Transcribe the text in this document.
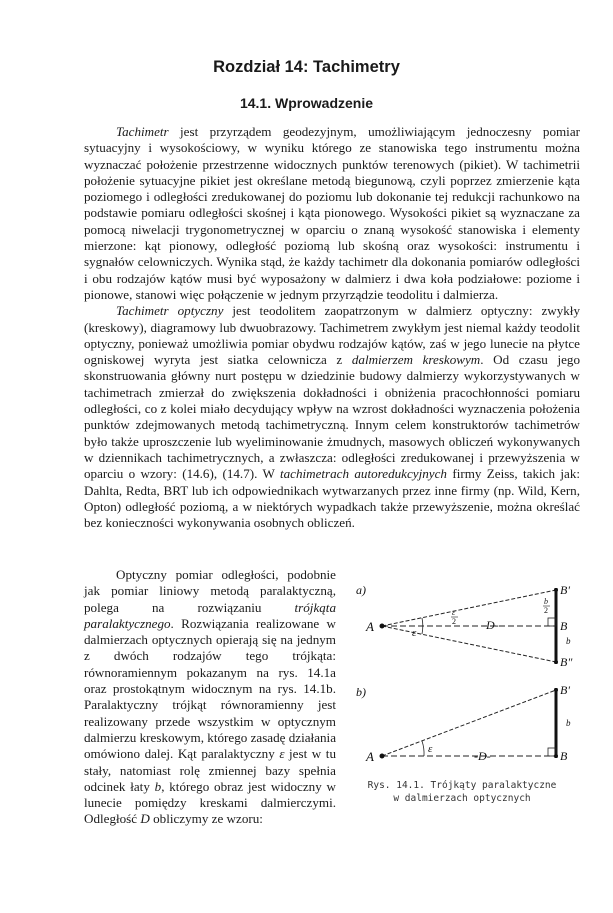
Rozdział 14: Tachimetry
14.1. Wprowadzenie

Tachimetr jest przyrządem geodezyjnym, umożliwiającym jednoczesny pomiar sytuacyjny i wysokościowy, w wyniku którego ze stanowiska tego instrumentu można wyznaczać położenie przestrzenne widocznych punktów terenowych (pikiet). W tachimetrii położenie sytuacyjne pikiet jest określane metodą biegunową, czyli poprzez zmierzenie kąta poziomego i odległości zredukowanej do poziomu lub dokonanie tej redukcji rachunkowo na podstawie pomiaru odległości skośnej i kąta pionowego. Wysokości pikiet są wyznaczane za pomocą niwelacji trygonometrycznej w oparciu o znaną wysokość stanowiska i elementy mierzone: kąt pionowy, odległość poziomą lub skośną oraz wysokości: instrumentu i sygnałów celowniczych. Wynika stąd, że każdy tachimetr dla dokonania pomiarów odległości i obu rodzajów kątów musi być wyposażony w dalmierz i dwa koła podziałowe: poziome i pionowe, stanowi więc połączenie w jednym przyrządzie teodolitu i dalmierza.

Tachimetr optyczny jest teodolitem zaopatrzonym w dalmierz optyczny: zwykły (kreskowy), diagramowy lub dwuobrazowy. Tachimetrem zwykłym jest niemal każdy teodolit optyczny, ponieważ umożliwia pomiar obydwu rodzajów kątów, zaś w jego lunecie na płytce ogniskowej wyryta jest siatka celownicza z dalmierzem kreskowym. Od czasu jego skonstruowania główny nurt postępu w dziedzinie budowy dalmierzy wykorzystywanych w tachimetrach zmierzał do zwiększenia dokładności i obniżenia pracochłonności pomiaru odległości, co z kolei miało decydujący wpływ na wzrost dokładności wyznaczenia położenia punktów zdejmowanych metodą tachimetryczną. Innym celem konstruktorów tachimetrów było także uproszczenie lub wyeliminowanie żmudnych, masowych obliczeń wykonywanych w dziennikach tachimetrycznych, a zwłaszcza: odległości zredukowanej i przewyższenia w oparciu o wzory: (14.6), (14.7). W tachimetrach autoredukcyjnych firmy Zeiss, takich jak: Dahlta, Redta, BRT lub ich odpowiednikach wytwarzanych przez inne firmy (np. Wild, Kern, Opton) odległość poziomą, a w niektórych wypadkach także przewyższenie, można określać bez konieczności wykonywania osobnych obliczeń.

Optyczny pomiar odległości, podobnie jak pomiar liniowy metodą paralaktyczną, polega na rozwiązaniu trójkąta paralaktycznego. Rozwiązania realizowane w dalmierzach optycznych opierają się na jednym z dwóch rodzajów tego trójkąta: równoramiennym pokazanym na rys. 14.1a oraz prostokątnym widocznym na rys. 14.1b. Paralaktyczny trójkąt równoramienny jest realizowany przede wszystkim w optycznym dalmierzu kreskowym, którego zasadę działania omówiono dalej. Kąt paralaktyczny ε jest w tu stały, natomiast rolę zmiennej bazy spełnia odcinek łaty b, którego obraz jest widoczny w lunecie pomiędzy kreskami dalmierczymi. Odległość D obliczymy ze wzoru:

a)
A
B'
B
B"
ε
ε
2 -D-
b
2
b
b)
A
B'
B
ε	-D-
b
Rys. 14.1. Trójkąty paralaktyczne
w dalmierzach optycznych
